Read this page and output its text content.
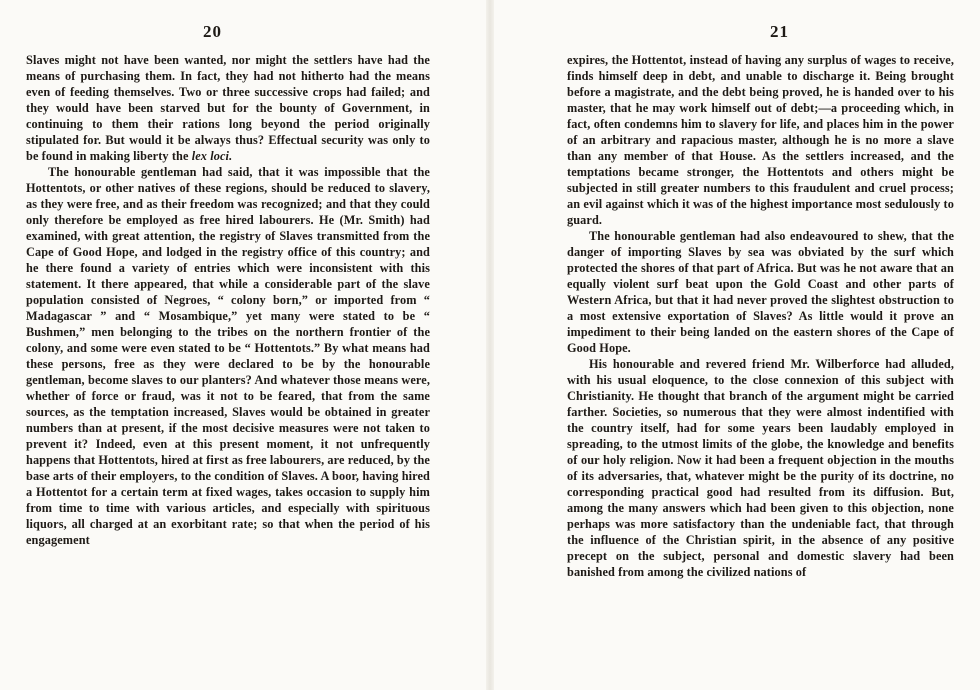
20

Slaves might not have been wanted, nor might the settlers have had the means of purchasing them. In fact, they had not hitherto had the means even of feeding themselves. Two or three successive crops had failed; and they would have been starved but for the bounty of Government, in continuing to them their rations long beyond the period originally stipulated for. But would it be always thus? Effectual security was only to be found in making liberty the lex loci.

The honourable gentleman had said, that it was impossible that the Hottentots, or other natives of these regions, should be reduced to slavery, as they were free, and as their freedom was recognized; and that they could only therefore be employed as free hired labourers. He (Mr. Smith) had examined, with great attention, the registry of Slaves transmitted from the Cape of Good Hope, and lodged in the registry office of this country; and he there found a variety of entries which were inconsistent with this statement. It there appeared, that while a considerable part of the slave population consisted of Negroes, “ colony born,” or imported from “ Madagascar ” and “ Mosambique,” yet many were stated to be “ Bushmen,” men belonging to the tribes on the northern frontier of the colony, and some were even stated to be “ Hottentots.” By what means had these persons, free as they were declared to be by the honourable gentleman, become slaves to our planters? And whatever those means were, whether of force or fraud, was it not to be feared, that from the same sources, as the temptation increased, Slaves would be obtained in greater numbers than at present, if the most decisive measures were not taken to prevent it? Indeed, even at this present moment, it not unfrequently happens that Hottentots, hired at first as free labourers, are reduced, by the base arts of their employers, to the condition of Slaves. A boor, having hired a Hottentot for a certain term at fixed wages, takes occasion to supply him from time to time with various articles, and especially with spirituous liquors, all charged at an exorbitant rate; so that when the period of his engagement

21

expires, the Hottentot, instead of having any surplus of wages to receive, finds himself deep in debt, and unable to discharge it. Being brought before a magistrate, and the debt being proved, he is handed over to his master, that he may work himself out of debt;—a proceeding which, in fact, often condemns him to slavery for life, and places him in the power of an arbitrary and rapacious master, although he is no more a slave than any member of that House. As the settlers increased, and the temptations became stronger, the Hottentots and others might be subjected in still greater numbers to this fraudulent and cruel process; an evil against which it was of the highest importance most sedulously to guard.

The honourable gentleman had also endeavoured to shew, that the danger of importing Slaves by sea was obviated by the surf which protected the shores of that part of Africa. But was he not aware that an equally violent surf beat upon the Gold Coast and other parts of Western Africa, but that it had never proved the slightest obstruction to a most extensive exportation of Slaves? As little would it prove an impediment to their being landed on the eastern shores of the Cape of Good Hope.

His honourable and revered friend Mr. Wilberforce had alluded, with his usual eloquence, to the close connexion of this subject with Christianity. He thought that branch of the argument might be carried farther. Societies, so numerous that they were almost indentified with the country itself, had for some years been laudably employed in spreading, to the utmost limits of the globe, the knowledge and benefits of our holy religion. Now it had been a frequent objection in the mouths of its adversaries, that, whatever might be the purity of its doctrine, no corresponding practical good had resulted from its diffusion. But, among the many answers which had been given to this objection, none perhaps was more satisfactory than the undeniable fact, that through the influence of the Christian spirit, in the absence of any positive precept on the subject, personal and domestic slavery had been banished from among the civilized nations of
